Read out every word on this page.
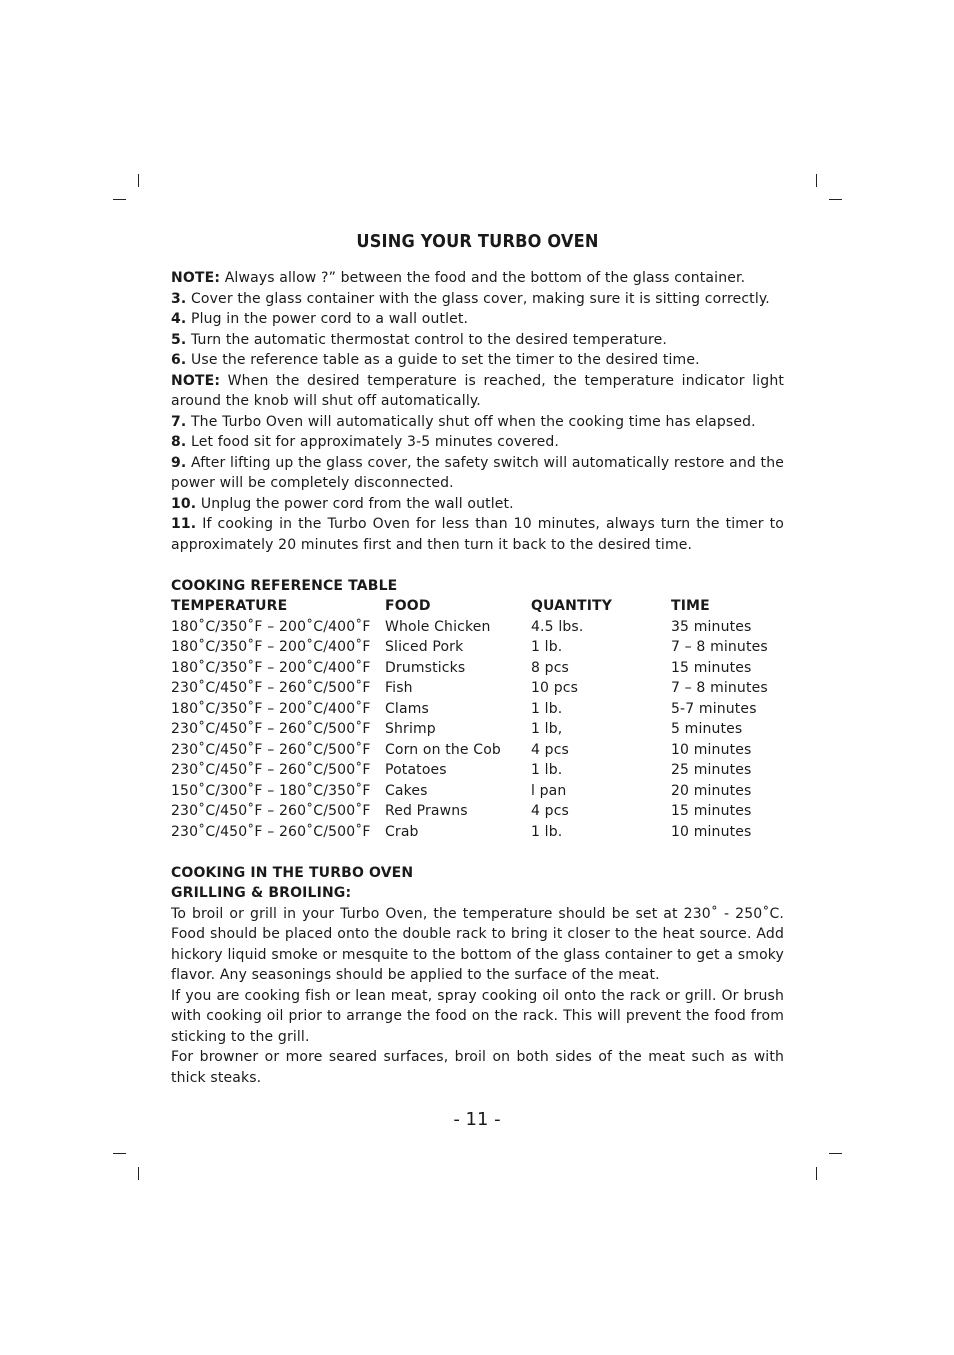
USING YOUR TURBO OVEN

NOTE: Always allow ?” between the food and the bottom of the glass container.

3. Cover the glass container with the glass cover, making sure it is sitting correctly.

4. Plug in the power cord to a wall outlet.

5. Turn the automatic thermostat control to the desired temperature.

6. Use the reference table as a guide to set the timer to the desired time.

NOTE: When the desired temperature is reached, the temperature indicator light around the knob will shut off automatically.

7. The Turbo Oven will automatically shut off when the cooking time has elapsed.

8. Let food sit for approximately 3-5 minutes covered.

9. After lifting up the glass cover, the safety switch will automatically restore and the power will be completely disconnected.

10. Unplug the power cord from the wall outlet.

11. If cooking in the Turbo Oven for less than 10 minutes, always turn the timer to approximately 20 minutes first and then turn it back to the desired time.

COOKING REFERENCE TABLE
TEMPERATURE	FOOD	QUANTITY	TIME
180˚C/350˚F – 200˚C/400˚F	Whole Chicken	4.5 lbs.	35 minutes
180˚C/350˚F – 200˚C/400˚F	Sliced Pork	1 lb.	7 – 8 minutes
180˚C/350˚F – 200˚C/400˚F	Drumsticks	8 pcs	15 minutes
230˚C/450˚F – 260˚C/500˚F	Fish	10 pcs	7 – 8 minutes
180˚C/350˚F – 200˚C/400˚F	Clams	1 lb.	5-7 minutes
230˚C/450˚F – 260˚C/500˚F	Shrimp	1 lb,	5 minutes
230˚C/450˚F – 260˚C/500˚F	Corn on the Cob	4 pcs	10 minutes
230˚C/450˚F – 260˚C/500˚F	Potatoes	1 lb.	25 minutes
150˚C/300˚F – 180˚C/350˚F	Cakes	l pan	20 minutes
230˚C/450˚F – 260˚C/500˚F	Red Prawns	4 pcs	15 minutes
230˚C/450˚F – 260˚C/500˚F	Crab	1 lb.	10 minutes
COOKING IN THE TURBO OVEN
GRILLING & BROILING:

To broil or grill in your Turbo Oven, the temperature should be set at 230˚ - 250˚C. Food should be placed onto the double rack to bring it closer to the heat source. Add hickory liquid smoke or mesquite to the bottom of the glass container to get a smoky flavor. Any seasonings should be applied to the surface of the meat.

If you are cooking fish or lean meat, spray cooking oil onto the rack or grill. Or brush with cooking oil prior to arrange the food on the rack. This will prevent the food from sticking to the grill.

For browner or more seared surfaces, broil on both sides of the meat such as with thick steaks.

- 11 -
